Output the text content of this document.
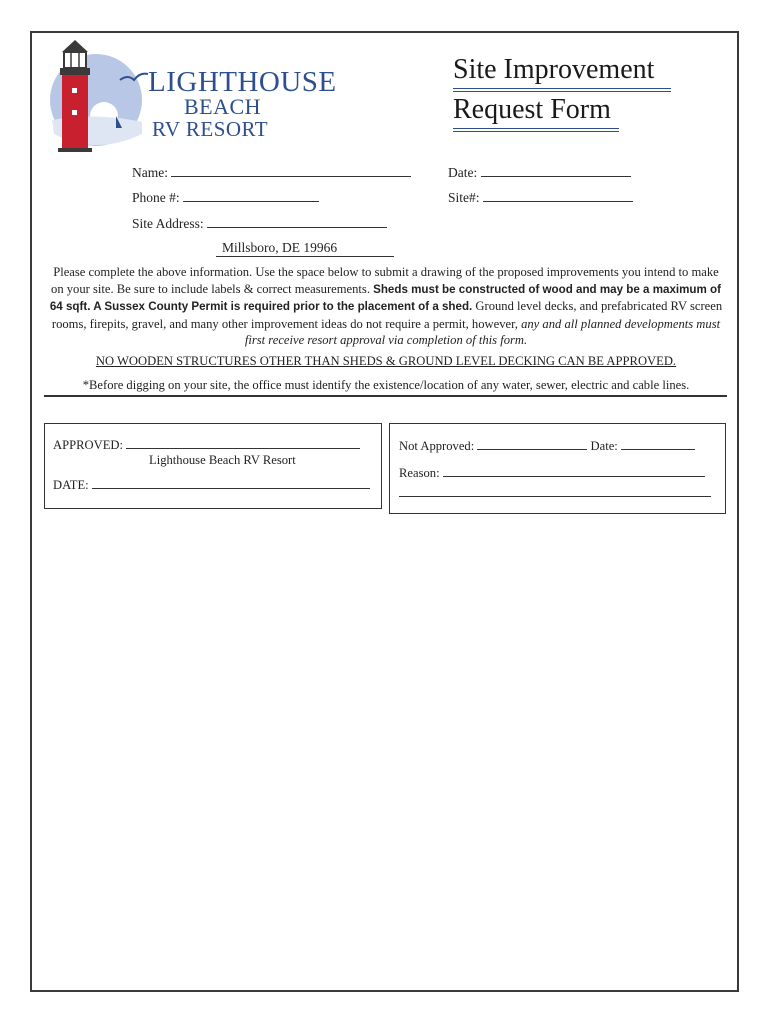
LIGHTHOUSE
BEACH
RV RESORT
Site Improvement
Request Form
Name:	Date:
Phone #:	Site#:
Site Address:
Millsboro, DE 19966
Please complete the above information. Use the space below to submit a drawing of the proposed improvements you intend to make on your site. Be sure to include labels & correct measurements. Sheds must be constructed of wood and may be a maximum of 64 sqft. A Sussex County Permit is required prior to the placement of a shed. Ground level decks, and prefabricated RV screen rooms, firepits, gravel, and many other improvement ideas do not require a permit, however, any and all planned developments must first receive resort approval via completion of this form.
NO WOODEN STRUCTURES OTHER THAN SHEDS & GROUND LEVEL DECKING CAN BE APPROVED.
*Before digging on your site, the office must identify the existence/location of any water, sewer, electric and cable lines.
APPROVED:
Lighthouse Beach RV Resort
DATE:
Not Approved:	Date:
Reason:
